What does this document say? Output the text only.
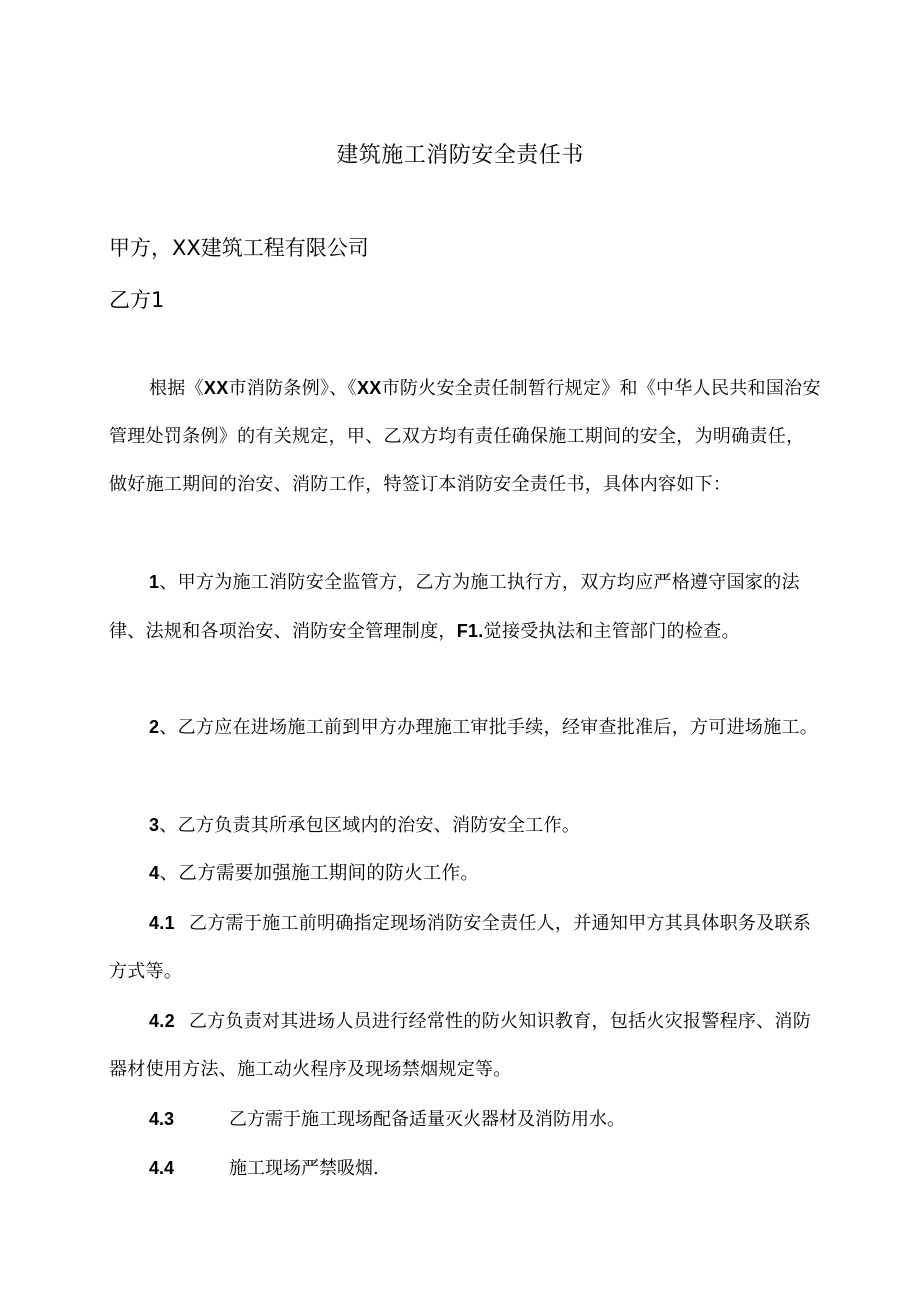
建筑施工消防安全责任书
甲方，XX建筑工程有限公司
乙方1

根据《XX市消防条例》、《XX市防火安全责任制暂行规定》和《中华人民共和国治安管理处罚条例》的有关规定，甲、乙双方均有责任确保施工期间的安全，为明确责任，做好施工期间的治安、消防工作，特签订本消防安全责任书，具体内容如下：

1、甲方为施工消防安全监管方，乙方为施工执行方，双方均应严格遵守国家的法律、法规和各项治安、消防安全管理制度，F1.觉接受执法和主管部门的检查。

2、乙方应在进场施工前到甲方办理施工审批手续，经审查批准后，方可进场施工。

3、乙方负责其所承包区域内的治安、消防安全工作。

4、乙方需要加强施工期间的防火工作。

4.1 乙方需于施工前明确指定现场消防安全责任人，并通知甲方其具体职务及联系方式等。

4.2 乙方负责对其进场人员进行经常性的防火知识教育，包括火灾报警程序、消防器材使用方法、施工动火程序及现场禁烟规定等。

4.3	乙方需于施工现场配备适量灭火器材及消防用水。
4.4	施工现场严禁吸烟.
